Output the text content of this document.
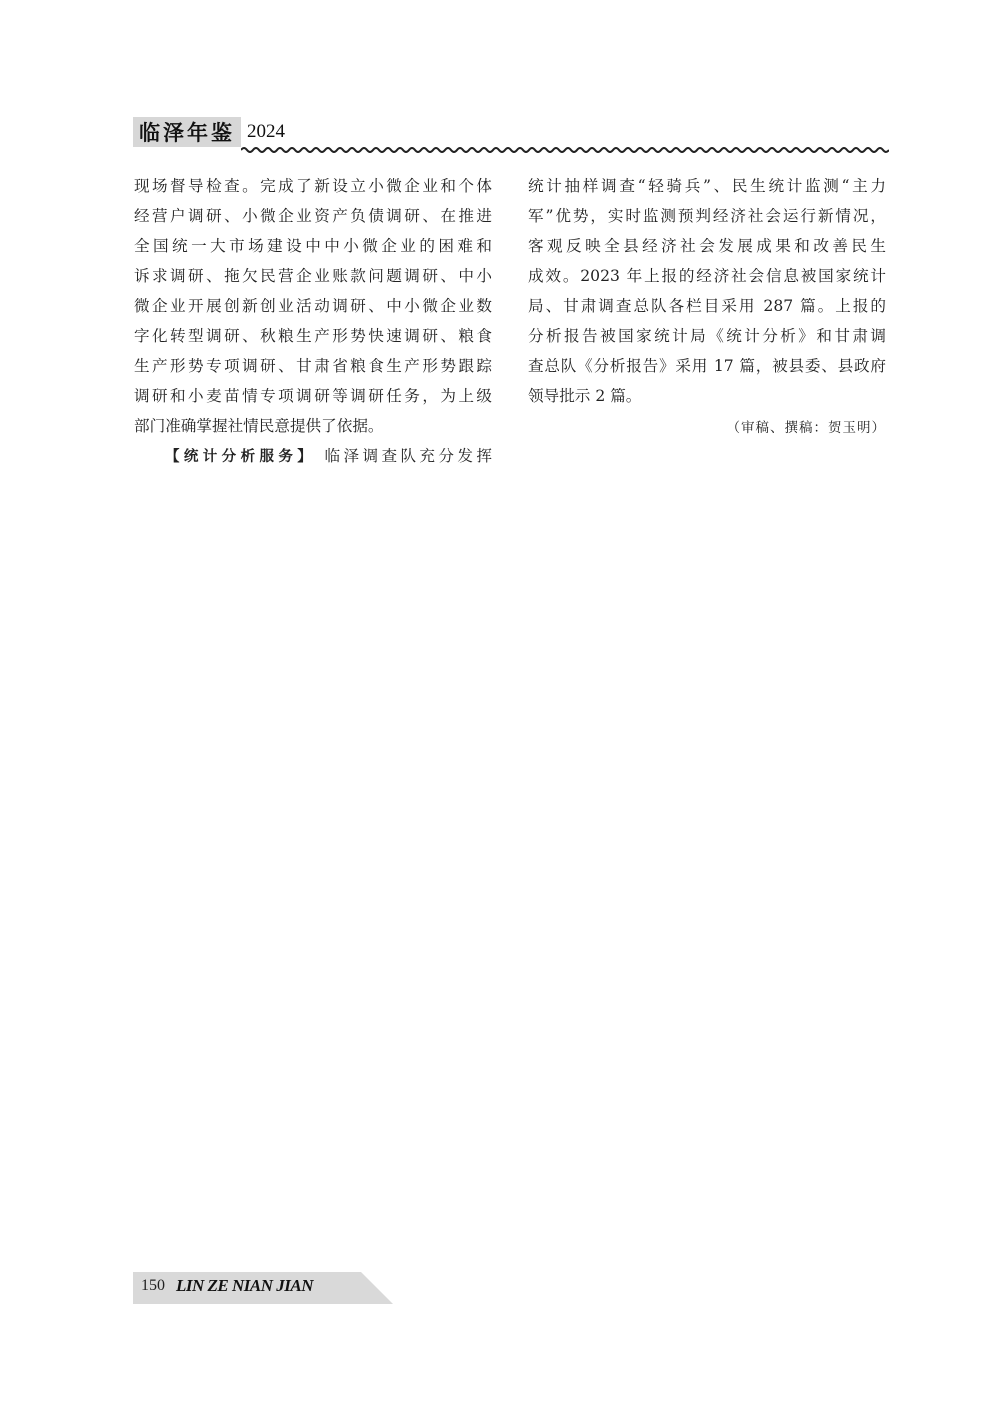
临泽年鉴 2024
现场督导检查。完成了新设立小微企业和个体
经营户调研、小微企业资产负债调研、在推进
全国统一大市场建设中中小微企业的困难和
诉求调研、拖欠民营企业账款问题调研、中小
微企业开展创新创业活动调研、中小微企业数
字化转型调研、秋粮生产形势快速调研、粮食
生产形势专项调研、甘肃省粮食生产形势跟踪
调研和小麦苗情专项调研等调研任务，为上级
部门准确掌握社情民意提供了依据。
【统计分析服务】 临泽调查队充分发挥
统计抽样调查“轻骑兵”、民生统计监测“主力
军”优势，实时监测预判经济社会运行新情况，
客观反映全县经济社会发展成果和改善民生
成效。2023 年上报的经济社会信息被国家统计
局、甘肃调查总队各栏目采用 287 篇。上报的
分析报告被国家统计局《统计分析》和甘肃调
查总队《分析报告》采用 17 篇，被县委、县政府
领导批示 2 篇。
（审稿、撰稿：贺玉明）
150 LIN ZE NIAN JIAN
